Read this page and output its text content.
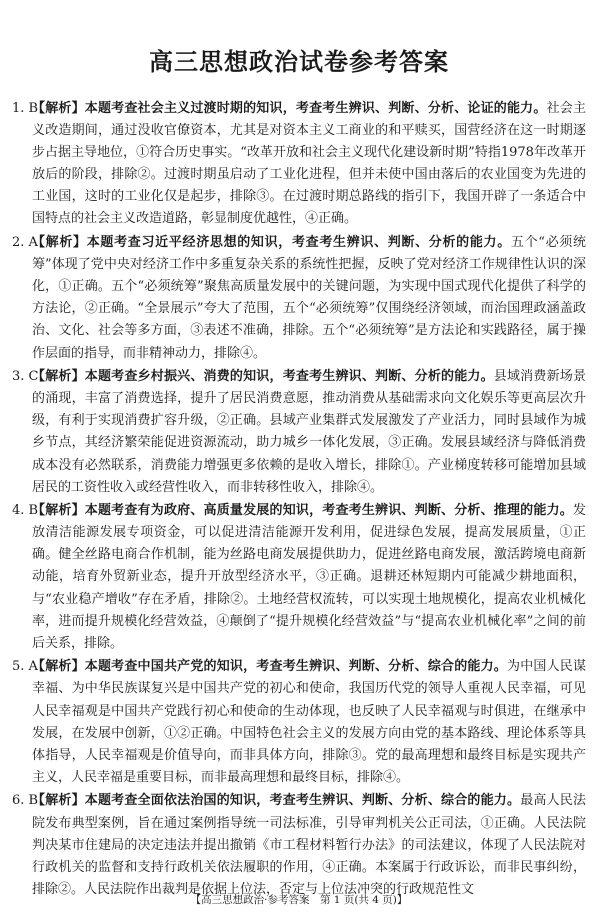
高三思想政治试卷参考答案

1. B
【解析】本题考查社会主义过渡时期的知识，考查考生辨识、判断、分析、论证的能力。社会主义改造期间，通过没收官僚资本，尤其是对资本主义工商业的和平赎买，国营经济在这一时期逐步占据主导地位，①符合历史事实。“改革开放和社会主义现代化建设新时期”特指1978年改革开放后的阶段，排除②。过渡时期虽启动了工业化进程，但并未使中国由落后的农业国变为先进的工业国，这时的工业化仅是起步，排除③。在过渡时期总路线的指引下，我国开辟了一条适合中国特点的社会主义改造道路，彰显制度优越性，④正确。

2. A
【解析】本题考查习近平经济思想的知识，考查考生辨识、判断、分析的能力。五个“必须统筹”体现了党中央对经济工作中多重复杂关系的系统性把握，反映了党对经济工作规律性认识的深化，①正确。五个“必须统筹”聚焦高质量发展中的关键问题，为实现中国式现代化提供了科学的方法论，②正确。“全景展示”夸大了范围，五个“必须统筹”仅围绕经济领域，而治国理政涵盖政治、文化、社会等多方面，③表述不准确，排除。五个“必须统筹”是方法论和实践路径，属于操作层面的指导，而非精神动力，排除④。

3. C
【解析】本题考查乡村振兴、消费的知识，考查考生辨识、判断、分析的能力。县域消费新场景的涌现，丰富了消费选择，提升了居民消费意愿，推动消费从基础需求向文化娱乐等更高层次升级，有利于实现消费扩容升级，②正确。县域产业集群式发展激发了产业活力，同时县域作为城乡节点，其经济繁荣能促进资源流动，助力城乡一体化发展，③正确。发展县域经济与降低消费成本没有必然联系，消费能力增强更多依赖的是收入增长，排除①。产业梯度转移可能增加县域居民的工资性收入或经营性收入，而非转移性收入，排除④。

4. B
【解析】本题考查有为政府、高质量发展的知识，考查考生辨识、判断、分析、推理的能力。发放清洁能源发展专项资金，可以促进清洁能源开发利用，促进绿色发展，提高发展质量，①正确。健全丝路电商合作机制，能为丝路电商发展提供助力，促进丝路电商发展，激活跨境电商新动能，培育外贸新业态，提升开放型经济水平，③正确。退耕还林短期内可能减少耕地面积，与“农业稳产增收”存在矛盾，排除②。土地经营权流转，可以实现土地规模化，提高农业机械化率，进而提升规模化经营效益，④颠倒了“提升规模化经营效益”与“提高农业机械化率”之间的前后关系，排除。

5. A
【解析】本题考查中国共产党的知识，考查考生辨识、判断、分析、综合的能力。为中国人民谋幸福、为中华民族谋复兴是中国共产党的初心和使命，我国历代党的领导人重视人民幸福，可见人民幸福观是中国共产党践行初心和使命的生动体现，也反映了人民幸福观与时俱进，在继承中发展，在发展中创新，①②正确。中国特色社会主义的发展方向由党的基本路线、理论体系等具体指导，人民幸福观是价值导向，而非具体方向，排除③。党的最高理想和最终目标是实现共产主义，人民幸福是重要目标，而非最高理想和最终目标，排除④。

6. B
【解析】本题考查全面依法治国的知识，考查考生辨识、判断、分析、综合的能力。最高人民法院发布典型案例，旨在通过案例指导统一司法标准，引导审判机关公正司法，①正确。人民法院判决某市住建局的决定违法并提出撤销《市工程材料暂行办法》的司法建议，体现了人民法院对行政机关的监督和支持行政机关依法履职的作用，④正确。本案属于行政诉讼，而非民事纠纷，排除②。人民法院作出裁判是依据上位法，否定与上位法冲突的行政规范性文

【高三思想政治·参考答案　第 1 页(共 4 页)】
